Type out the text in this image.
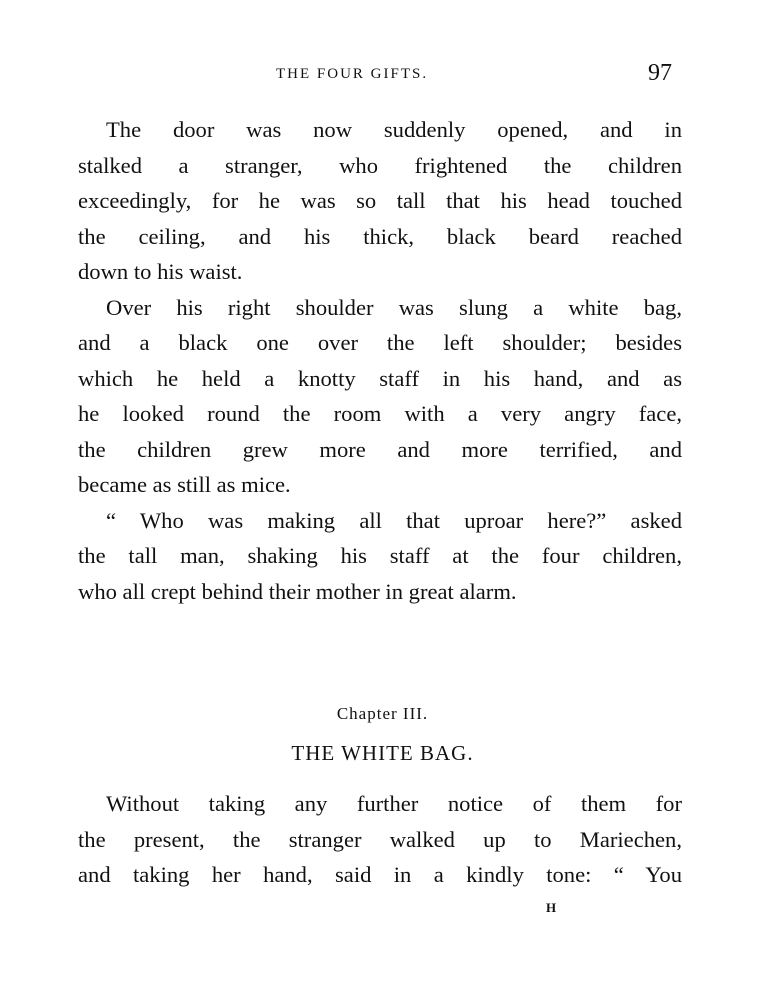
THE FOUR GIFTS.	97

The door was now suddenly opened, and in
stalked a stranger, who frightened the children
exceedingly, for he was so tall that his head touched
the ceiling, and his thick, black beard reached
down to his waist.

Over his right shoulder was slung a white bag,
and a black one over the left shoulder; besides
which he held a knotty staff in his hand, and as
he looked round the room with a very angry face,
the children grew more and more terrified, and
became as still as mice.

“ Who was making all that uproar here?” asked
the tall man, shaking his staff at the four children,
who all crept behind their mother in great alarm.

Chapter III.
THE WHITE BAG.

Without taking any further notice of them for
the present, the stranger walked up to Mariechen,
and taking her hand, said in a kindly tone: “ You

H
